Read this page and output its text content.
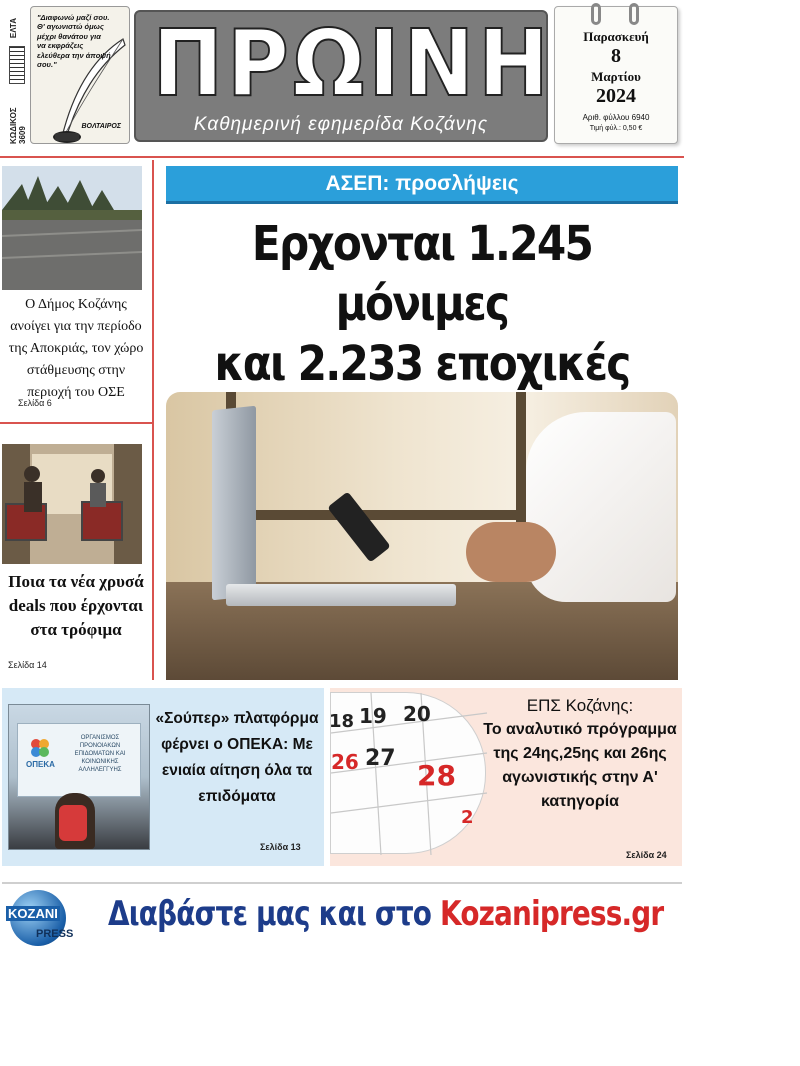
ΕΛΤΑ
ΚΩΔΙΚΟΣ 3609
"Διαφωνώ μαζί σου. Θ' αγωνιστώ όμως μέχρι θανάτου για να εκφράζεις ελεύθερα την άποψή σου."
ΒΟΛΤΑΙΡΟΣ
ΠΡΩΙΝΗ
Καθημερινή εφημερίδα Κοζάνης
Παρασκευή
8
Μαρτίου
2024
Αριθ. φύλλου 6940
Τιμή φύλ.: 0,50 €
Ο Δήμος Κοζάνης ανοίγει για την περίοδο της Αποκριάς, τον χώρο στάθμευσης στην περιοχή του ΟΣΕ
Σελίδα 6
Ποια τα νέα χρυσά deals που έρχονται στα τρόφιμα
Σελίδα 14
ΑΣΕΠ: προσλήψεις
Ερχονται 1.245 μόνιμες
και 2.233 εποχικές
Σελίδα 12
ΟΠΕΚΑ
ΟΡΓΑΝΙΣΜΟΣ ΠΡΟΝΟΙΑΚΩΝ ΕΠΙΔΟΜΑΤΩΝ ΚΑΙ ΚΟΙΝΩΝΙΚΗΣ ΑΛΛΗΛΕΓΓΥΗΣ
«Σούπερ» πλατφόρμα φέρνει ο ΟΠΕΚΑ: Με ενιαία αίτηση όλα τα επιδόματα
Σελίδα 13
18 19 20
26 27
28
2
ΕΠΣ Κοζάνης:
Το αναλυτικό πρόγραμμα της 24ης,25ης και 26ης αγωνιστικής στην Α' κατηγορία
Σελίδα 24
KOZANI
PRESS Διαβάστε μας και στο Kozanipress.gr
